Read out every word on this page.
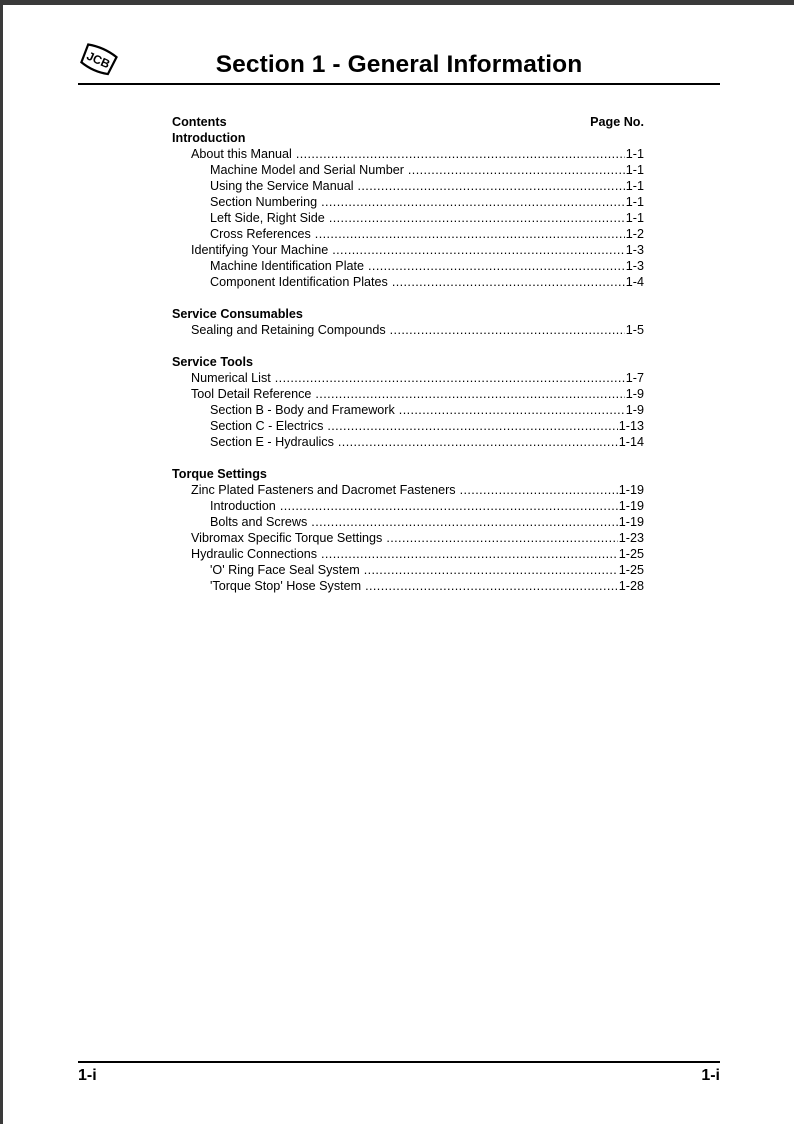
JCB	Section 1 - General Information
Contents	Page No.
Introduction
About this Manual .....	1-1
Machine Model and Serial Number .....	1-1
Using the Service Manual .....	1-1
Section Numbering .....	1-1
Left Side, Right Side .....	1-1
Cross References .....	1-2
Identifying Your Machine .....	1-3
Machine Identification Plate .....	1-3
Component Identification Plates .....	1-4
Service Consumables
Sealing and Retaining Compounds .....	1-5
Service Tools
Numerical List .....	1-7
Tool Detail Reference .....	1-9
Section B - Body and Framework .....	1-9
Section C - Electrics .....	1-13
Section E - Hydraulics .....	1-14
Torque Settings
Zinc Plated Fasteners and Dacromet Fasteners .....	1-19
Introduction .....	1-19
Bolts and Screws .....	1-19
Vibromax Specific Torque Settings .....	1-23
Hydraulic Connections .....	1-25
'O' Ring Face Seal System .....	1-25
'Torque Stop' Hose System .....	1-28
1-i	1-i
